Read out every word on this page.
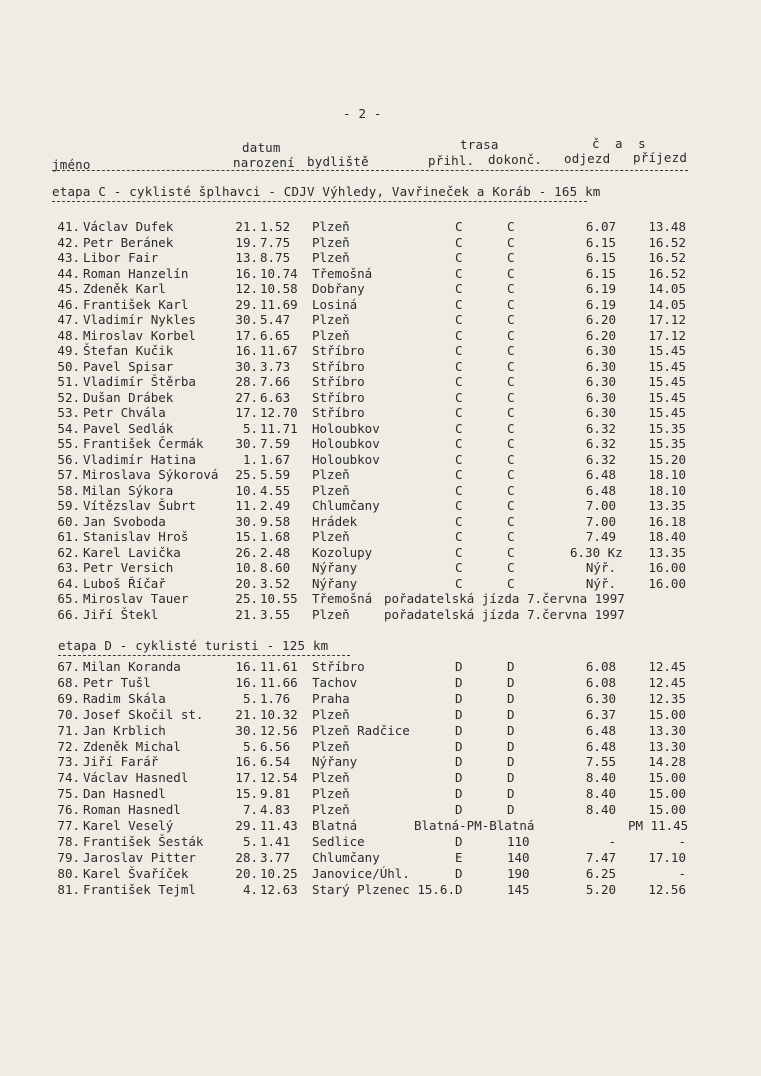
- 2 -
datum	trasa	č a s
jméno	narození bydliště	přihl. dokonč. odjezd příjezd
etapa C - cyklisté šplhavci - CDJV Výhledy, Vavřineček a Koráb - 165 km
41. Václav Dufek	21. 1.52 Plzeň	C	C	6.07	13.48
42. Petr Beránek	19. 7.75 Plzeň	C	C	6.15	16.52
43. Libor Fair	13. 8.75 Plzeň	C	C	6.15	16.52
44. Roman Hanzelín	16. 10.74 Třemošná	C	C	6.15	16.52
45. Zdeněk Karl	12. 10.58 Dobřany	C	C	6.19	14.05
46. František Karl	29. 11.69 Losiná	C	C	6.19	14.05
47. Vladimír Nykles	30. 5.47 Plzeň	C	C	6.20	17.12
48. Miroslav Korbel	17. 6.65 Plzeň	C	C	6.20	17.12
49. Štefan Kučik	16. 11.67 Stříbro	C	C	6.30	15.45
50. Pavel Spisar	30. 3.73 Stříbro	C	C	6.30	15.45
51. Vladimír Štěrba	28. 7.66 Stříbro	C	C	6.30	15.45
52. Dušan Drábek	27. 6.63 Stříbro	C	C	6.30	15.45
53. Petr Chvála	17. 12.70 Stříbro	C	C	6.30	15.45
54. Pavel Sedlák	5. 11.71 Holoubkov	C	C	6.32	15.35
55. František Čermák	30. 7.59 Holoubkov	C	C	6.32	15.35
56. Vladimír Hatina	1. 1.67 Holoubkov	C	C	6.32	15.20
57. Miroslava Sýkorová	25. 5.59 Plzeň	C	C	6.48	18.10
58. Milan Sýkora	10. 4.55 Plzeň	C	C	6.48	18.10
59. Vítězslav Šubrt	11. 2.49 Chlumčany	C	C	7.00	13.35
60. Jan Svoboda	30. 9.58 Hrádek	C	C	7.00	16.18
61. Stanislav Hroš	15. 1.68 Plzeň	C	C	7.49	18.40
62. Karel Lavička	26. 2.48 Kozolupy	C	C	6.30 Kz	13.35
63. Petr Versich	10. 8.60 Nýřany	C	C	Nýř.	16.00
64. Luboš Říčař	20. 3.52 Nýřany	C	C	Nýř.	16.00
65. Miroslav Tauer	25. 10.55 Třemošná pořadatelská jízda 7.června 1997
66. Jiří Štekl	21. 3.55 Plzeň	pořadatelská jízda 7.června 1997
etapa D - cyklisté turisti - 125 km
67. Milan Koranda	16. 11.61 Stříbro	D	D	6.08	12.45
68. Petr Tušl	16. 11.66 Tachov	D	D	6.08	12.45
69. Radim Skála	5. 1.76 Praha	D	D	6.30	12.35
70. Josef Skočil st.	21. 10.32 Plzeň	D	D	6.37	15.00
71. Jan Krblich	30. 12.56 Plzeň Radčice	D	D	6.48	13.30
72. Zdeněk Michal	5. 6.56 Plzeň	D	D	6.48	13.30
73. Jiří Farář	16. 6.54 Nýřany	D	D	7.55	14.28
74. Václav Hasnedl	17. 12.54 Plzeň	D	D	8.40	15.00
75. Dan Hasnedl	15. 9.81 Plzeň	D	D	8.40	15.00
76. Roman Hasnedl	7. 4.83 Plzeň	D	D	8.40	15.00
77. Karel Veselý	29. 11.43 Blatná	Blatná-PM-Blatná	PM 11.45
78. František Šesták	5. 1.41 Sedlice	D	110	-	-
79. Jaroslav Pitter	28. 3.77 Chlumčany	E	140	7.47	17.10
80. Karel Švaříček	20. 10.25 Janovice/Úhl.	D	190	6.25	-
81. František Tejml	4. 12.63 Starý Plzenec 15.6. D	145	5.20	12.56
